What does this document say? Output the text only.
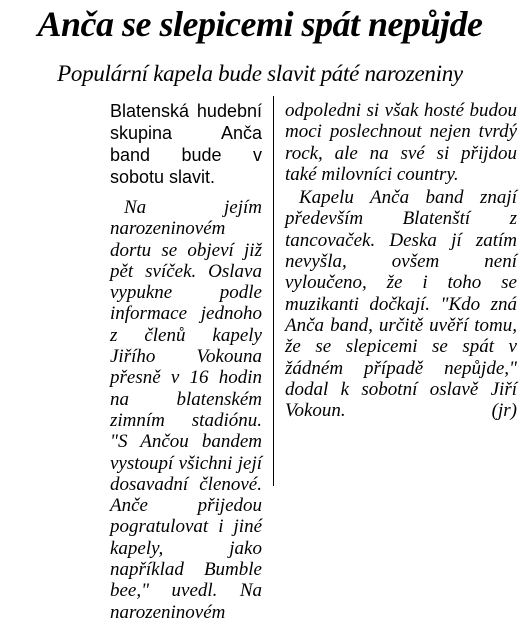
Anča se slepicemi spát nepůjde
Populární kapela bude slavit páté narozeniny
Blatenská hudební skupina Anča band bude v sobotu slavit.

Na jejím narozeninovém dortu se objeví již pět svíček. Oslava vypukne podle informace jednoho z členů kapely Jiřího Vokouna přesně v 16 hodin na blatenském zimním stadiónu. "S Ančou bandem vystoupí všichni její dosavadní členové. Anče přijedou pogratulovat i jiné kapely, jako například Bumble bee," uvedl. Na narozeninovém

odpoledni si však hosté budou moci poslechnout nejen tvrdý rock, ale na své si přijdou také milovníci country.

Kapelu Anča band znají především Blatenští z tancovaček. Deska jí zatím nevyšla, ovšem není vyloučeno, že i toho se muzikanti dočkají. "Kdo zná Anča band, určitě uvěří tomu, že se slepicemi se spát v žádném případě nepůjde," dodal k sobotní oslavě Jiří Vokoun.	(jr)
